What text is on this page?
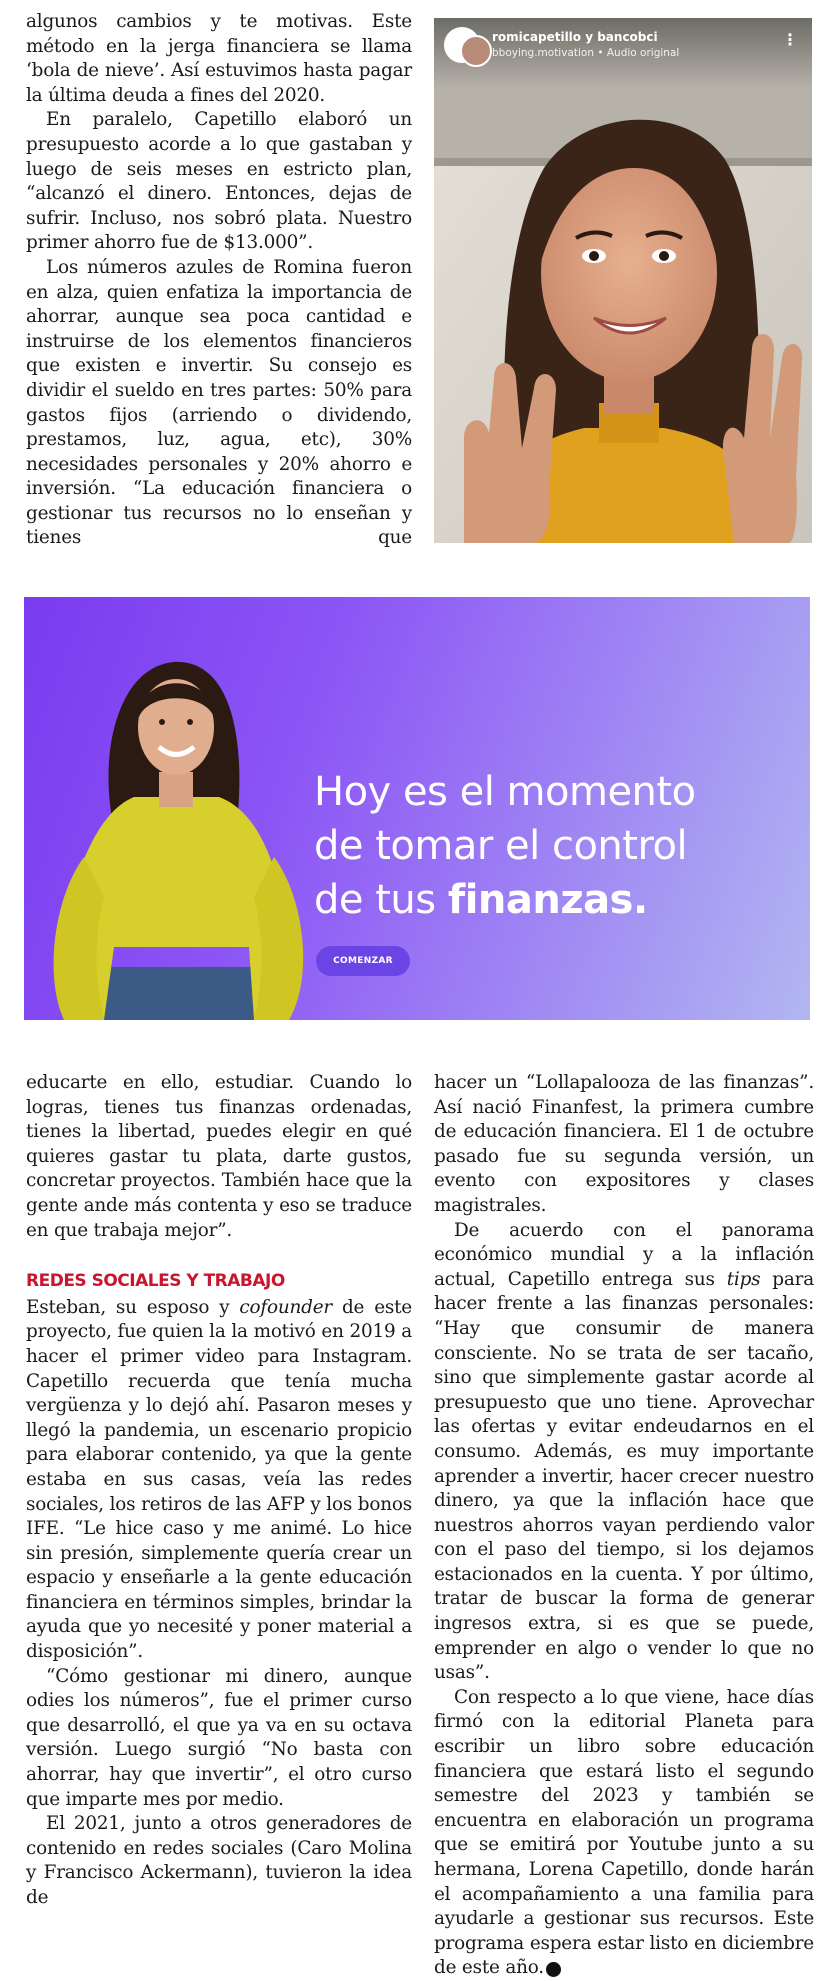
algunos cambios y te motivas. Este método en la jerga financiera se llama ‘bola de nieve’. Así estuvimos hasta pagar la última deuda a fines del 2020.

En paralelo, Capetillo elaboró un presupuesto acorde a lo que gastaban y luego de seis meses en estricto plan, “alcanzó el dinero. Entonces, dejas de sufrir. Incluso, nos sobró plata. Nuestro primer ahorro fue de $13.000”.

Los números azules de Romina fueron en alza, quien enfatiza la importancia de ahorrar, aunque sea poca cantidad e instruirse de los elementos financieros que existen e invertir. Su consejo es dividir el sueldo en tres partes: 50% para gastos fijos (arriendo o dividendo, prestamos, luz, agua, etc), 30% necesidades personales y 20% ahorro e inversión. “La educación financiera o gestionar tus recursos no lo enseñan y tienes que

romicapetillo y bancobci
bboying.motivation • Audio original
⋮
Hoy es el momento
de tomar el control
de tus finanzas.
COMENZAR

educarte en ello, estudiar. Cuando lo logras, tienes tus finanzas ordenadas, tienes la libertad, puedes elegir en qué quieres gastar tu plata, darte gustos, concretar proyectos. También hace que la gente ande más contenta y eso se traduce en que trabaja mejor”.

REDES SOCIALES Y TRABAJO

Esteban, su esposo y cofounder de este proyecto, fue quien la la motivó en 2019 a hacer el primer video para Instagram. Capetillo recuerda que tenía mucha vergüenza y lo dejó ahí. Pasaron meses y llegó la pandemia, un escenario propicio para elaborar contenido, ya que la gente estaba en sus casas, veía las redes sociales, los retiros de las AFP y los bonos IFE. “Le hice caso y me animé. Lo hice sin presión, simplemente quería crear un espacio y enseñarle a la gente educación financiera en términos simples, brindar la ayuda que yo necesité y poner material a disposición”.

“Cómo gestionar mi dinero, aunque odies los números”, fue el primer curso que desarrolló, el que ya va en su octava versión. Luego surgió “No basta con ahorrar, hay que invertir”, el otro curso que imparte mes por medio.

El 2021, junto a otros generadores de contenido en redes sociales (Caro Molina y Francisco Ackermann), tuvieron la idea de

hacer un “Lollapalooza de las finanzas”. Así nació Finanfest, la primera cumbre de educación financiera. El 1 de octubre pasado fue su segunda versión, un evento con expositores y clases magistrales.

De acuerdo con el panorama económico mundial y a la inflación actual, Capetillo entrega sus tips para hacer frente a las finanzas personales: “Hay que consumir de manera consciente. No se trata de ser tacaño, sino que simplemente gastar acorde al presupuesto que uno tiene. Aprovechar las ofertas y evitar endeudarnos en el consumo. Además, es muy importante aprender a invertir, hacer crecer nuestro dinero, ya que la inflación hace que nuestros ahorros vayan perdiendo valor con el paso del tiempo, si los dejamos estacionados en la cuenta. Y por último, tratar de buscar la forma de generar ingresos extra, si es que se puede, emprender en algo o vender lo que no usas”.

Con respecto a lo que viene, hace días firmó con la editorial Planeta para escribir un libro sobre educación financiera que estará listo el segundo semestre del 2023 y también se encuentra en elaboración un programa que se emitirá por Youtube junto a su hermana, Lorena Capetillo, donde harán el acompañamiento a una familia para ayudarle a gestionar sus recursos. Este programa espera estar listo en diciembre de este año. P
